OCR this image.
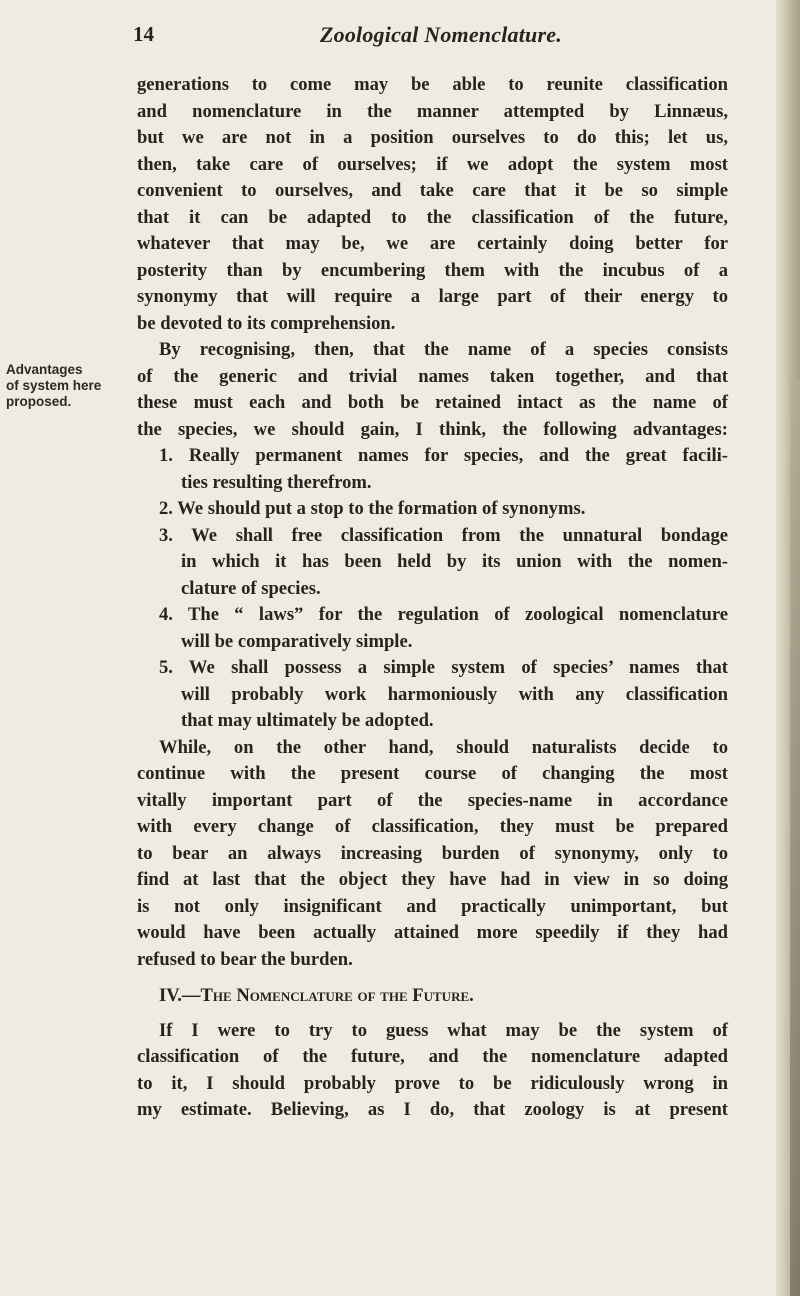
14	Zoological Nomenclature.
Advantages
of system here
proposed.
generations to come may be able to reunite classification
and nomenclature in the manner attempted by Linnæus,
but we are not in a position ourselves to do this; let us,
then, take care of ourselves; if we adopt the system most
convenient to ourselves, and take care that it be so simple
that it can be adapted to the classification of the future,
whatever that may be, we are certainly doing better for
posterity than by encumbering them with the incubus of a
synonymy that will require a large part of their energy to
be devoted to its comprehension.
By recognising, then, that the name of a species consists
of the generic and trivial names taken together, and that
these must each and both be retained intact as the name of
the species, we should gain, I think, the following advantages:
1. Really permanent names for species, and the great facili-
ties resulting therefrom.
2. We should put a stop to the formation of synonyms.
3. We shall free classification from the unnatural bondage
in which it has been held by its union with the nomen-
clature of species.
4. The “ laws” for the regulation of zoological nomenclature
will be comparatively simple.
5. We shall possess a simple system of species’ names that
will probably work harmoniously with any classification
that may ultimately be adopted.
While, on the other hand, should naturalists decide to
continue with the present course of changing the most
vitally important part of the species-name in accordance
with every change of classification, they must be prepared
to bear an always increasing burden of synonymy, only to
find at last that the object they have had in view in so doing
is not only insignificant and practically unimportant, but
would have been actually attained more speedily if they had
refused to bear the burden.
IV.—The Nomenclature of the Future.
If I were to try to guess what may be the system of
classification of the future, and the nomenclature adapted
to it, I should probably prove to be ridiculously wrong in
my estimate. Believing, as I do, that zoology is at present
